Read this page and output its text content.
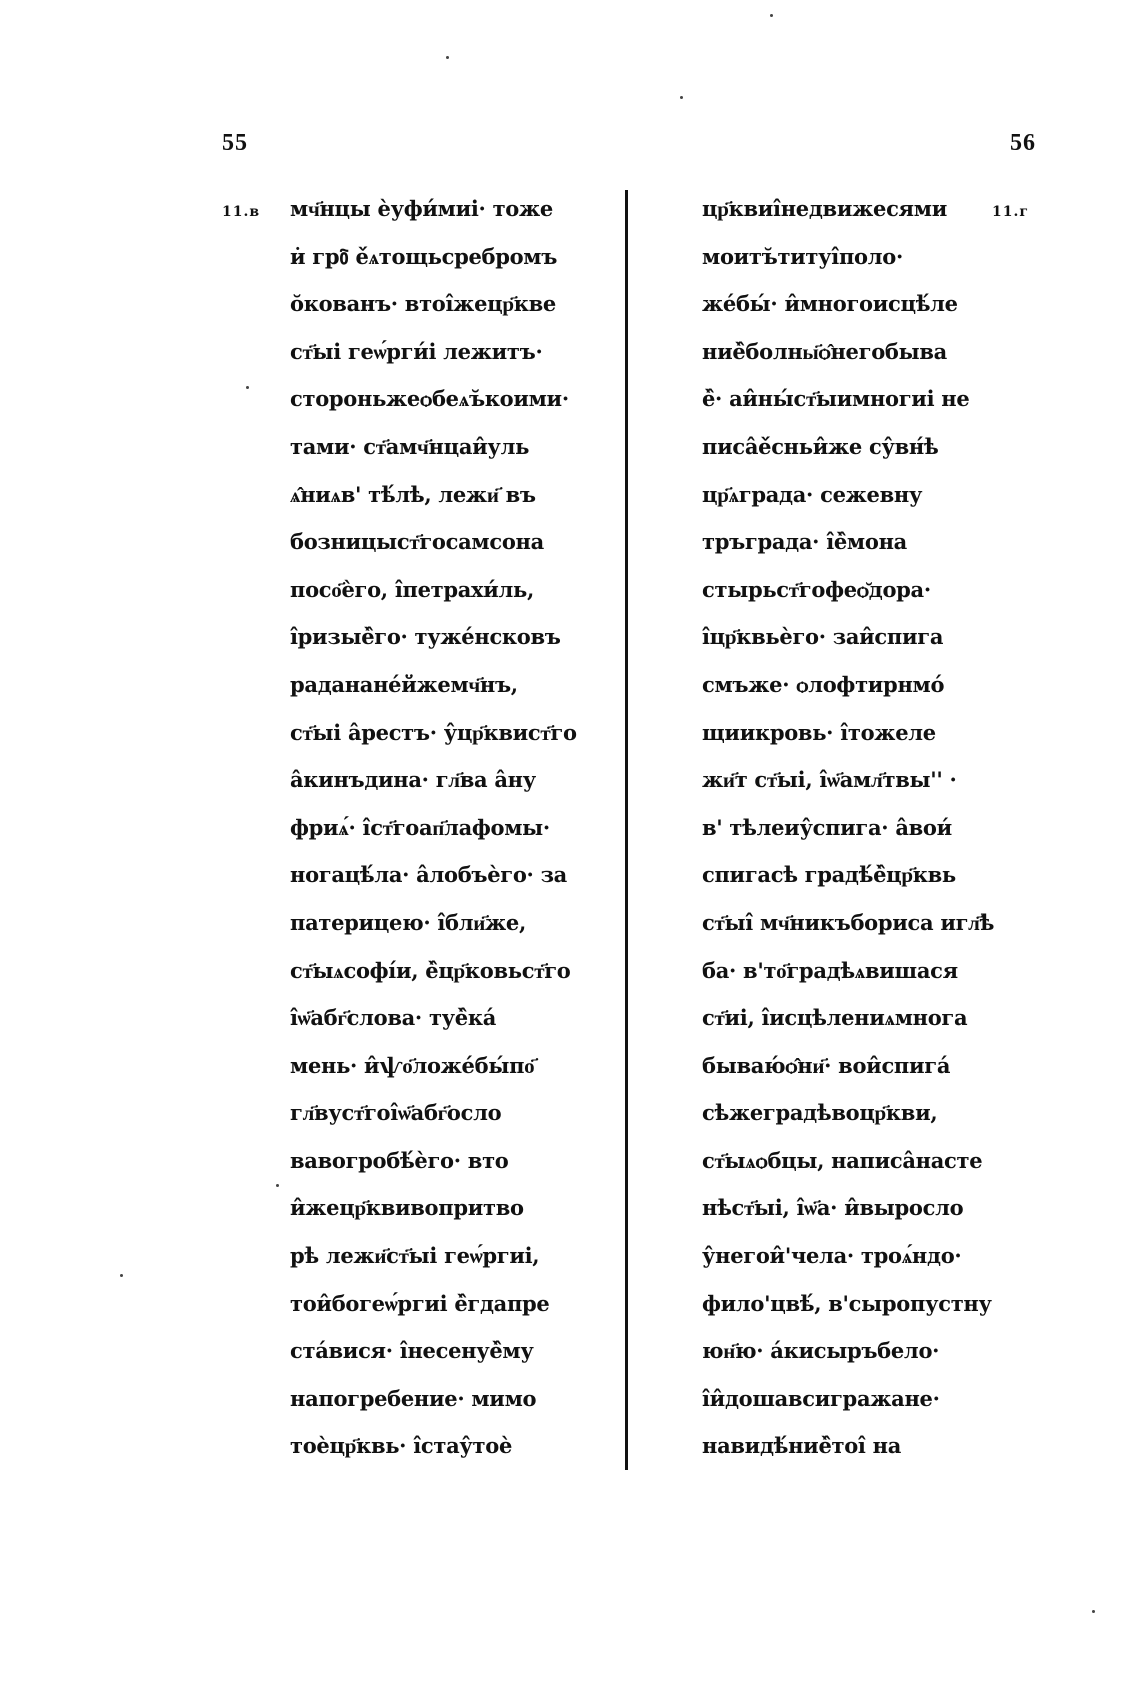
55	56
11.в	11.г
мч҃нцы ѐуфи́миі· тоже
и̇ грᲂ҇ ѐ́ѧтощьсребромъ
о̆кованъ· втоі̂жецр҃кве
ст҃ыі геѡ́рги́і лежитъ·
стороньжеѻбеѧъ̆коими·
тами· ст҃амч҃нцаи̂уль
ѧ̂ниѧв' тѣ́лѣ, лежи҃ въ
бозницыст҃госамсона
посо҃ѐго, і̂петрахи́ль,
і̂ризыѐ̂го· туже́нсковъ
раданане́йжемч҃нъ,
ст҃ыі а̂рестъ· у̂цр҃квист҃го
а̂кинъдина· гл҃ва а̂ну
фриѧ́· і̂ст҃гоап҃лафомы·
ногацѣ́ла· а̂лобъѐго· за
патерицею· і̂бли҃же,
ст҃ыѧсофі́и, ѐ̂цр҃ковьст҃го
і̂ѡ҃абг҃слова· туѐ̂ка́
мень· и̂ѱо҃ложе́бы́по҃
гл҃вуст҃гоі̂ѡ҃абг҃осло
вавогробѣ́ѐго· вто
и̂жецр҃квивопритво
рѣ лежи҃ст҃ыі геѡ́ргиі,
тои̂богеѡ́ргиі ѐ̂гдапре
ста́вися· і̂несенуѐ̂му
напогребение· мимо
тоѐцр҃квь· і̂стау̂тоѐ
цр҃квиі̂недвижесями
моитъ̆титуі̂поло·
же́бы́· и̂многоисцѣ́ле
ниѐ̂болны҃ѻ̂негобыва
ѐ̂· аи̂ны́ст҃ыимногиі не
писа̂ѐ́сньи̂же су̂вн́ѣ
цр҃ѧграда· сежевну
тръграда· і̂ѐ̂мона
стырьст҃гофеѻ̆дора·
і̂цр҃квьѐго· заи̂спига
смъже· ѻлофтирнмо́
щиикровь· і̂тожеле
жи҃т ст҃ыі, і̂ѡ҃амл҃твы'' ·
в' тѣлеиу̂спига· а̂вои́
спигасѣ градѣ́ѐ̂цр҃квь
ст҃ыі̂ мч҃никъбориса игл҃ѣ
ба· в'то҃градѣѧвишася
ст҃иі, і̂исцѣлениѧмнога
бываю́ѻ̂ни҃· вои̂спига́
сѣжеградѣвоцр҃кви,
ст҃ыѧѻбцы, написа̂насте
нѣст҃ыі, і̂ѡ҃а· и̂вырослo
у̂негои̂'чела· троѧ́ндо·
фило'цвѣ́, в'сыропустну
юн҃ю· а́кисыръбело·
і̂и̂дошавсигражане·
навидѣ́ниѐ̂тоі̂ на
